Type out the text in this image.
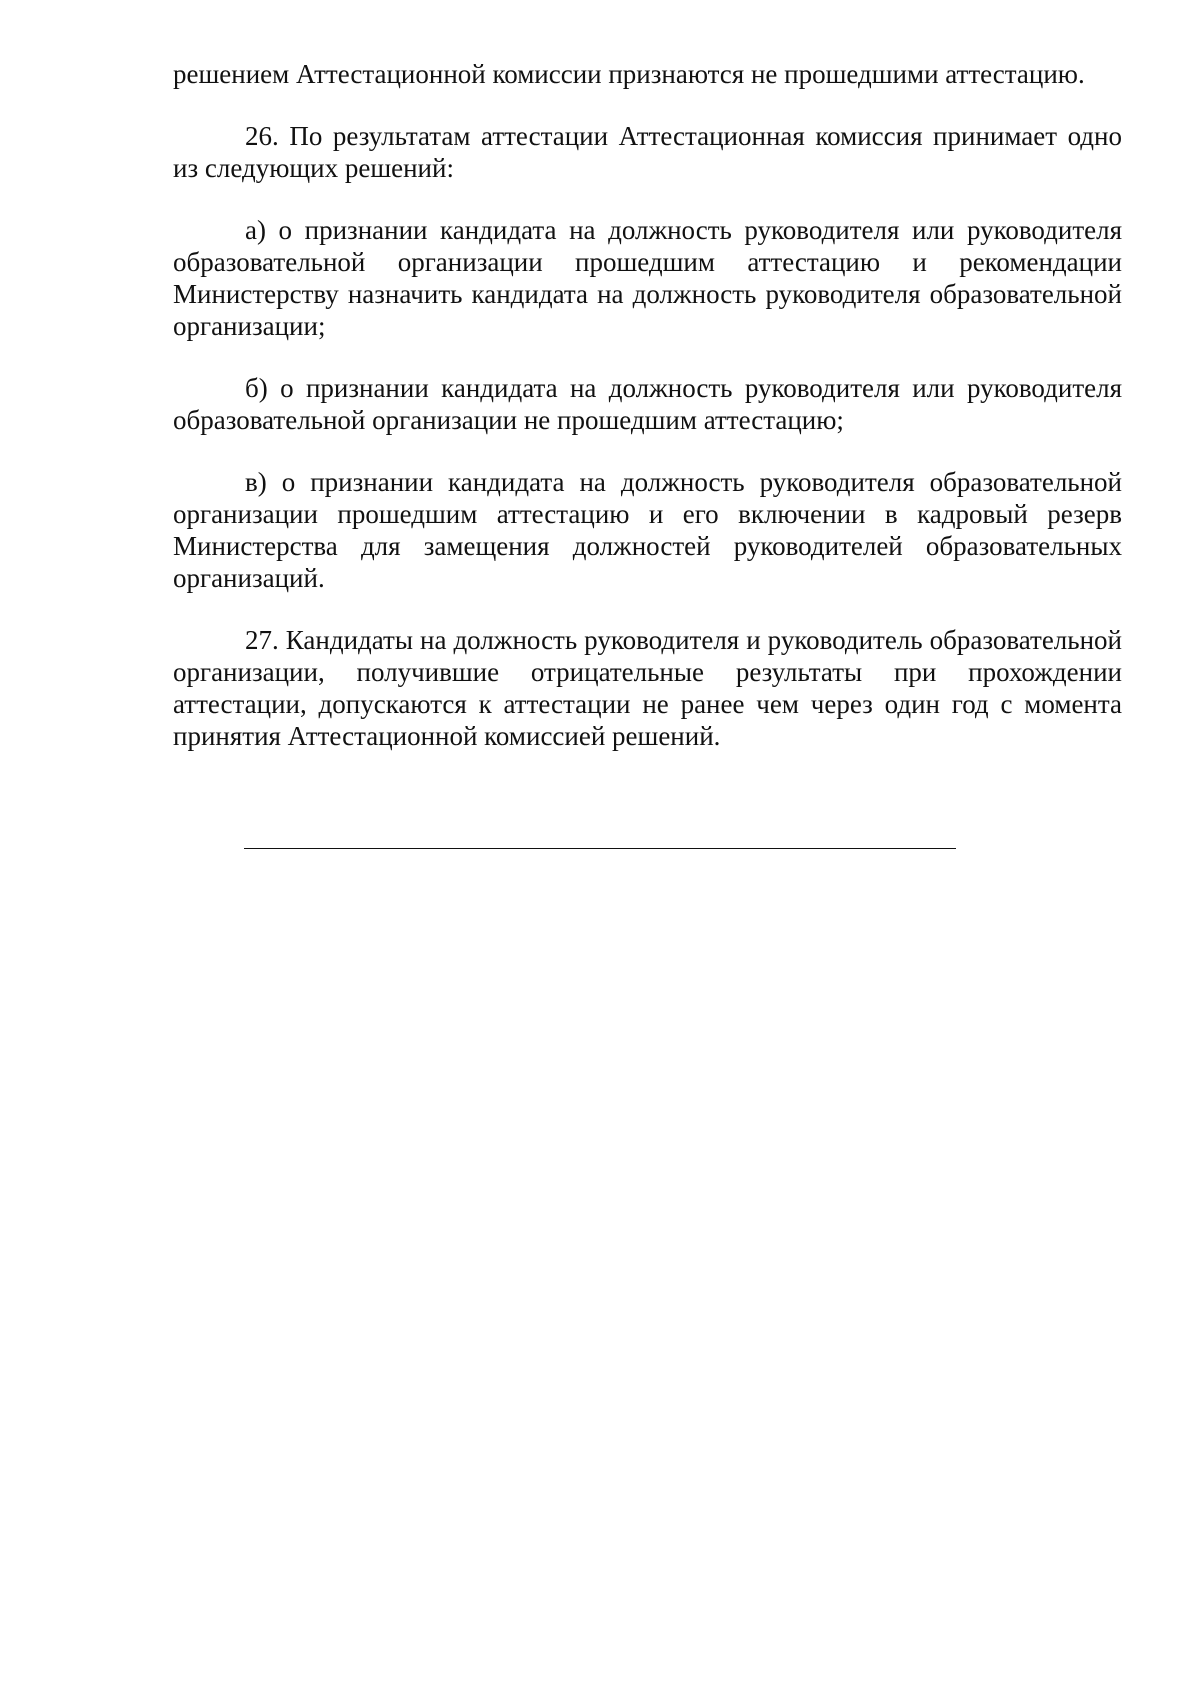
решением Аттестационной комиссии признаются не прошедшими аттестацию.

26. По результатам аттестации Аттестационная комиссия принимает одно из следующих решений:

а) о признании кандидата на должность руководителя или руководителя образовательной организации прошедшим аттестацию и рекомендации Министерству назначить кандидата на должность руководителя образовательной организации;

б) о признании кандидата на должность руководителя или руководителя образовательной организации не прошедшим аттестацию;

в) о признании кандидата на должность руководителя образовательной организации прошедшим аттестацию и его включении в кадровый резерв Министерства для замещения должностей руководителей образовательных организаций.

27. Кандидаты на должность руководителя и руководитель образовательной организации, получившие отрицательные результаты при прохождении аттестации, допускаются к аттестации не ранее чем через один год с момента принятия Аттестационной комиссией решений.
